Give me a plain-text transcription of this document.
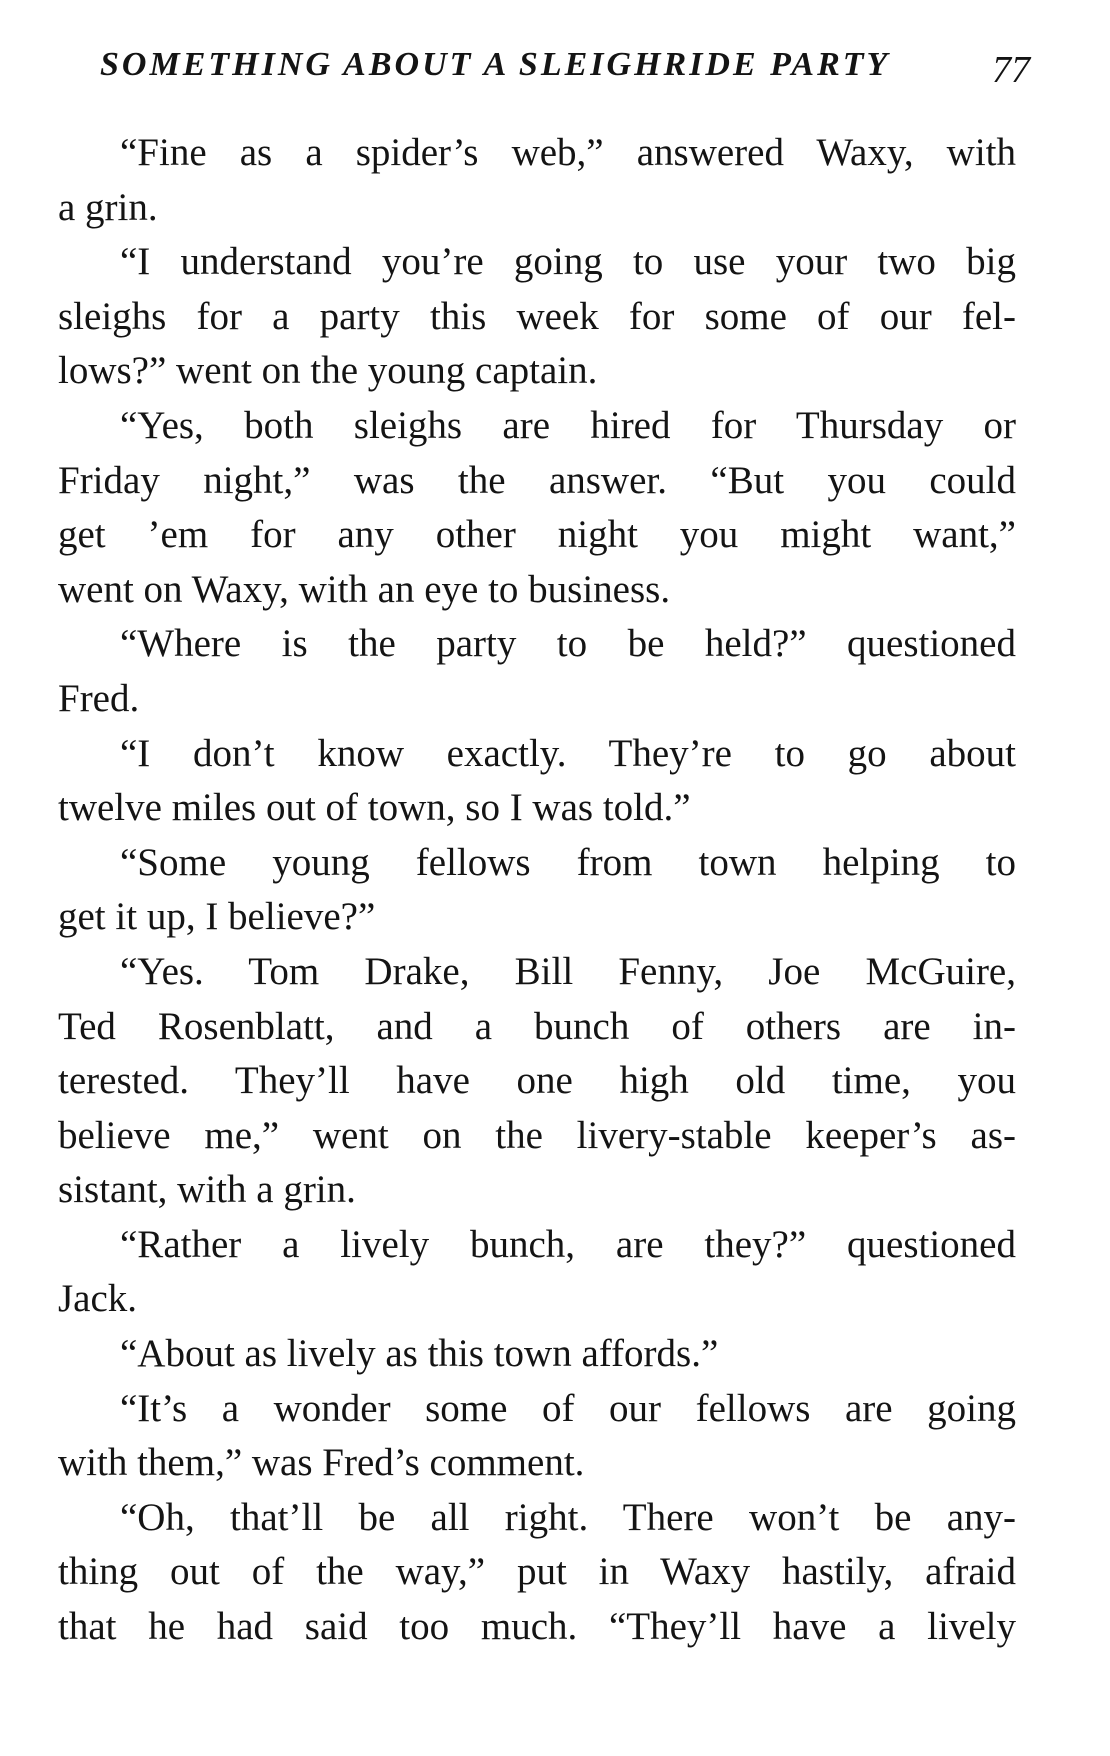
SOMETHING ABOUT A SLEIGHRIDE PARTY	77
“Fine as a spider’s web,” answered Waxy, with
a grin.
“I understand you’re going to use your two big
sleighs for a party this week for some of our fel-
lows?” went on the young captain.
“Yes, both sleighs are hired for Thursday or
Friday night,” was the answer. “But you could
get ’em for any other night you might want,”
went on Waxy, with an eye to business.
“Where is the party to be held?” questioned
Fred.
“I don’t know exactly. They’re to go about
twelve miles out of town, so I was told.”
“Some young fellows from town helping to
get it up, I believe?”
“Yes. Tom Drake, Bill Fenny, Joe McGuire,
Ted Rosenblatt, and a bunch of others are in-
terested. They’ll have one high old time, you
believe me,” went on the livery-stable keeper’s as-
sistant, with a grin.
“Rather a lively bunch, are they?” questioned
Jack.
“About as lively as this town affords.”
“It’s a wonder some of our fellows are going
with them,” was Fred’s comment.
“Oh, that’ll be all right. There won’t be any-
thing out of the way,” put in Waxy hastily, afraid
that he had said too much. “They’ll have a lively
